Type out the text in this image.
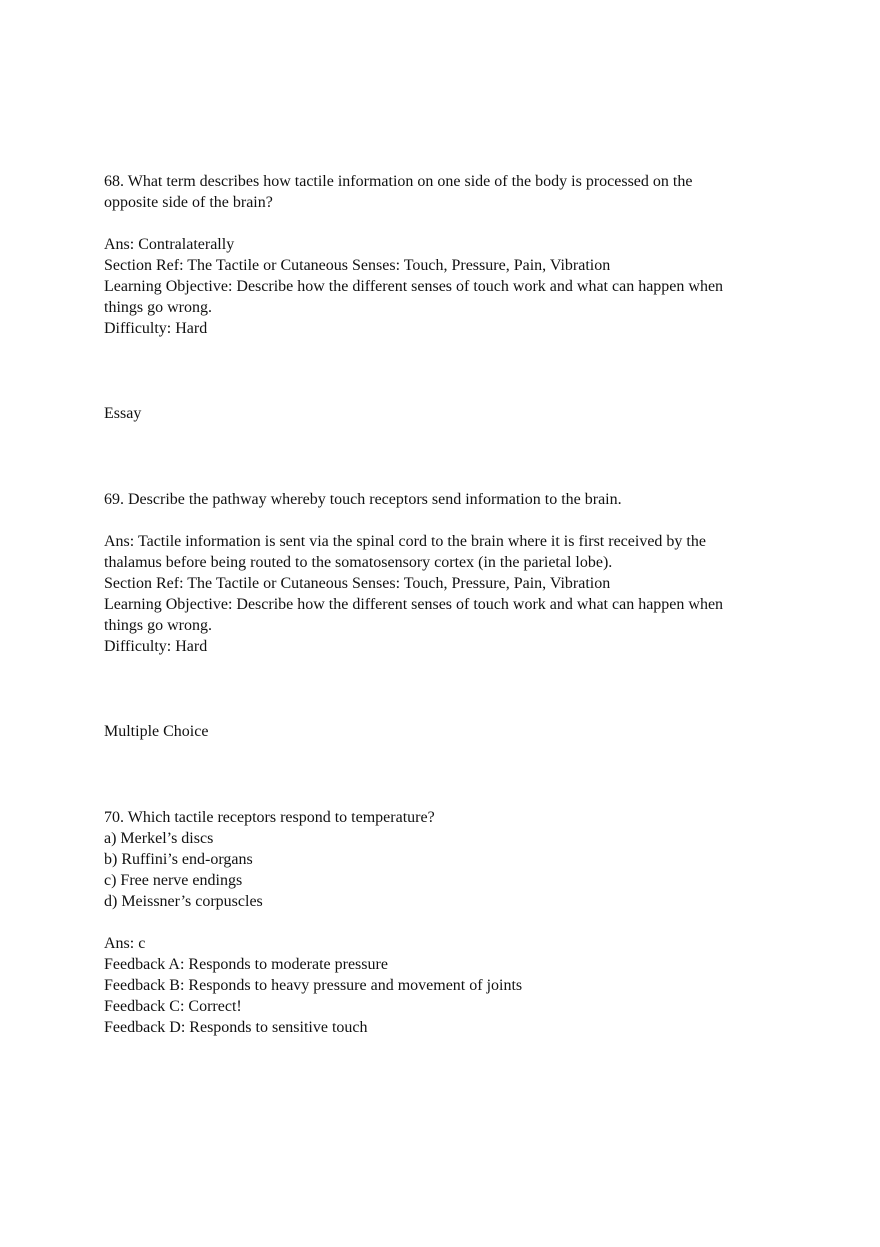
68. What term describes how tactile information on one side of the body is processed on the

opposite side of the brain?

Ans: Contralaterally

Section Ref: The Tactile or Cutaneous Senses: Touch, Pressure, Pain, Vibration

Learning Objective: Describe how the different senses of touch work and what can happen when

things go wrong.

Difficulty: Hard

Essay

69. Describe the pathway whereby touch receptors send information to the brain.

Ans: Tactile information is sent via the spinal cord to the brain where it is first received by the

thalamus before being routed to the somatosensory cortex (in the parietal lobe).

Section Ref: The Tactile or Cutaneous Senses: Touch, Pressure, Pain, Vibration

Learning Objective: Describe how the different senses of touch work and what can happen when

things go wrong.

Difficulty: Hard

Multiple Choice

70. Which tactile receptors respond to temperature?

a) Merkel’s discs

b) Ruffini’s end-organs

c) Free nerve endings

d) Meissner’s corpuscles

Ans: c

Feedback A: Responds to moderate pressure

Feedback B: Responds to heavy pressure and movement of joints

Feedback C: Correct!

Feedback D: Responds to sensitive touch
